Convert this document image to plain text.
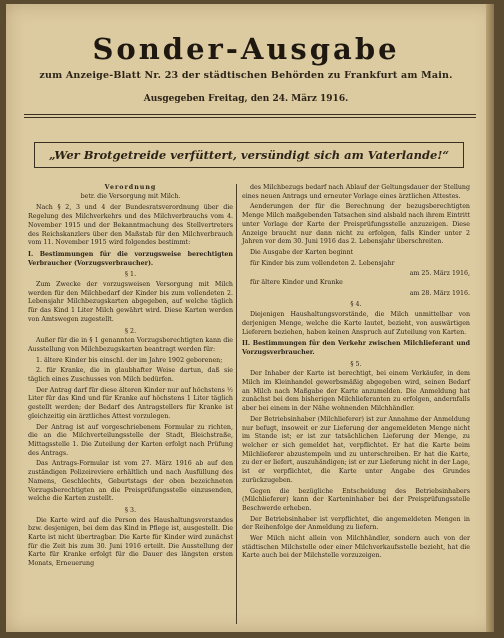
Sonder-Ausgabe
zum Anzeige-Blatt Nr. 23 der städtischen Behörden zu Frankfurt am Main.
Ausgegeben Freitag, den 24. März 1916.
„Wer Brotgetreide verfüttert, versündigt sich am Vaterlande!“
Verordnung
betr. die Versorgung mit Milch.

Nach § 2, 3 und 4 der Bundesratsverordnung über die Regelung des Milchverkehrs und des Milchverbrauchs vom 4. November 1915 und der Bekanntmachung des Stellvertreters des Reichskanzlers über den Maßstab für den Milchverbrauch vom 11. November 1915 wird folgendes bestimmt:

I. Bestimmungen für die vorzugsweise berechtigten Verbraucher (Vorzugsverbraucher).
§ 1.

Zum Zwecke der vorzugsweisen Versorgung mit Milch werden für den Milchbedarf der Kinder bis zum vollendeten 2. Lebensjahr Milchbezugskarten abgegeben, auf welche täglich für das Kind 1 Liter Milch gewährt wird. Diese Karten werden von Amtswegen zugestellt.

§ 2.

Außer für die in § 1 genannten Vorzugsberechtigten kann die Ausstellung von Milchbezugskarten beantragt werden für:

1. ältere Kinder bis einschl. der im Jahre 1902 geborenen;

2. für Kranke, die in glaubhafter Weise dartun, daß sie täglich eines Zuschusses von Milch bedürfen.

Der Antrag darf für diese älteren Kinder nur auf höchstens ½ Liter für das Kind und für Kranke auf höchstens 1 Liter täglich gestellt werden; der Bedarf des Antragstellers für Kranke ist gleichzeitig ein ärztliches Attest vorzulegen.

Der Antrag ist auf vorgeschriebenem Formular zu richten, die an die Milchverteilungsstelle der Stadt, Bleichstraße, Mittagsstelle 1. Die Zuteilung der Karten erfolgt nach Prüfung des Antrags.

Das Antrags-Formular ist vom 27. März 1916 ab auf den zuständigen Polizeireviere erhältlich und nach Ausfüllung des Namens, Geschlechts, Geburtstags der oben bezeichneten Vorzugsberechtigten an die Preisprüfungsstelle einzusenden, welche die Karten zustellt.

§ 3.

Die Karte wird auf die Person des Haushaltungsvorstandes bzw. desjenigen, bei dem das Kind in Pflege ist, ausgestellt. Die Karte ist nicht übertragbar. Die Karte für Kinder wird zunächst für die Zeit bis zum 30. Juni 1916 erteilt. Die Ausstellung der Karte für Kranke erfolgt für die Dauer des längsten ersten Monats, Erneuerung

des Milchbezugs bedarf nach Ablauf der Geltungsdauer der Stellung eines neuen Antrags und erneuter Vorlage eines ärztlichen Attestes.

Aenderungen der für die Berechnung der bezugsberechtigten Menge Milch maßgebenden Tatsachen sind alsbald nach ihrem Eintritt unter Vorlage der Karte der Preisprüfungsstelle anzuzeigen. Diese Anzeige braucht nur dann nicht zu erfolgen, falls Kinder unter 2 Jahren vor dem 30. Juni 1916 das 2. Lebensjahr überschreiten.

Die Ausgabe der Karten beginnt

für Kinder bis zum vollendeten 2. Lebensjahr

am 25. März 1916,

für ältere Kinder und Kranke

am 28. März 1916.
§ 4.

Diejenigen Haushaltungsvorstände, die Milch unmittelbar von derjenigen Menge, welche die Karte lautet, bezieht, von auswärtigen Lieferern beziehen, haben keinen Anspruch auf Zuteilung von Karten.

II. Bestimmungen für den Verkehr zwischen Milchlieferant und Vorzugsverbraucher.
§ 5.

Der Inhaber der Karte ist berechtigt, bei einem Verkäufer, in dem Milch im Kleinhandel gewerbsmäßig abgegeben wird, seinen Bedarf an Milch nach Maßgabe der Karte anzumelden. Die Anmeldung hat zunächst bei dem bisherigen Milchlieferanten zu erfolgen, andernfalls aber bei einem in der Nähe wohnenden Milchhändler.

Der Betriebsinhaber (Milchlieferer) ist zur Annahme der Anmeldung nur befugt, insoweit er zur Lieferung der angemeldeten Menge nicht im Stande ist; er ist zur tatsächlichen Lieferung der Menge, zu welcher er sich gemeldet hat, verpflichtet. Er hat die Karte beim Milchlieferer abzustempeln und zu unterschreiben. Er hat die Karte, zu der er liefert, auszuhändigen; ist er zur Lieferung nicht in der Lage, ist er verpflichtet, die Karte unter Angabe des Grundes zurückzugeben.

Gegen die bezügliche Entscheidung des Betriebsinhabers (Milchlieferer) kann der Karteninhaber bei der Preisprüfungsstelle Beschwerde erheben.

Der Betriebsinhaber ist verpflichtet, die angemeldeten Mengen in der Reihenfolge der Anmeldung zu liefern.

Wer Milch nicht allein von Milchhändler, sondern auch von der städtischen Milchstelle oder einer Milchverkaufsstelle bezieht, hat die Karte auch bei der Milchstelle vorzuzeigen.
